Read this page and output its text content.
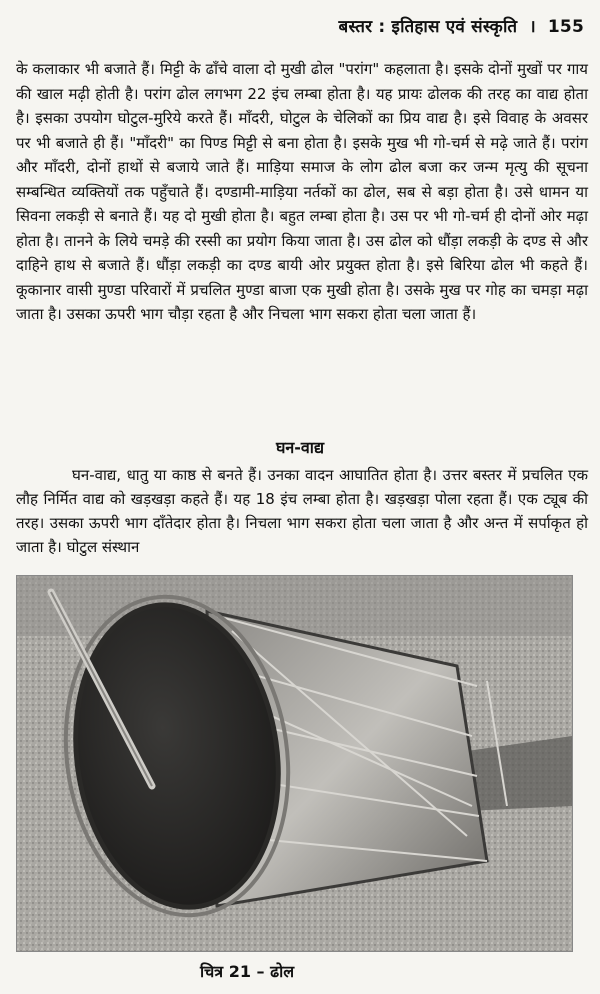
बस्तर : इतिहास एवं संस्कृति । 155

के कलाकार भी बजाते हैं। मिट्टी के ढाँचे वाला दो मुखी ढोल "परांग" कहलाता है। इसके दोनों मुखों पर गाय की खाल मढ़ी होती है। परांग ढोल लगभग 22 इंच लम्बा होता है। यह प्रायः ढोलक की तरह का वाद्य होता है। इसका उपयोग घोटुल-मुरिये करते हैं। माँदरी, घोटुल के चेलिकों का प्रिय वाद्य है। इसे विवाह के अवसर पर भी बजाते ही हैं। "माँदरी" का पिण्ड मिट्टी से बना होता है। इसके मुख भी गो-चर्म से मढ़े जाते हैं। परांग और माँदरी, दोनों हाथों से बजाये जाते हैं। माड़िया समाज के लोग ढोल बजा कर जन्म मृत्यु की सूचना सम्बन्धित व्यक्तियों तक पहुँचाते हैं। दण्डामी-माड़िया नर्तकों का ढोल, सब से बड़ा होता है। उसे धामन या सिवना लकड़ी से बनाते हैं। यह दो मुखी होता है। बहुत लम्बा होता है। उस पर भी गो-चर्म ही दोनों ओर मढ़ा होता है। तानने के लिये चमड़े की रस्सी का प्रयोग किया जाता है। उस ढोल को धौंड़ा लकड़ी के दण्ड से और दाहिने हाथ से बजाते हैं। धौंड़ा लकड़ी का दण्ड बायी ओर प्रयुक्त होता है। इसे बिरिया ढोल भी कहते हैं। कूकानार वासी मुण्डा परिवारों में प्रचलित मुण्डा बाजा एक मुखी होता है। उसके मुख पर गोह का चमड़ा मढ़ा जाता है। उसका ऊपरी भाग चौड़ा रहता है और निचला भाग सकरा होता चला जाता हैं।

घन-वाद्य

घन-वाद्य, धातु या काष्ठ से बनते हैं। उनका वादन आघातित होता है। उत्तर बस्तर में प्रचलित एक लौह निर्मित वाद्य को खड़खड़ा कहते हैं। यह 18 इंच लम्बा होता है। खड़खड़ा पोला रहता हैं। एक ट्यूब की तरह। उसका ऊपरी भाग दाँतेदार होता है। निचला भाग सकरा होता चला जाता है और अन्त में सर्पाकृत हो जाता है। घोटुल संस्थान

चित्र 21 – ढोल
